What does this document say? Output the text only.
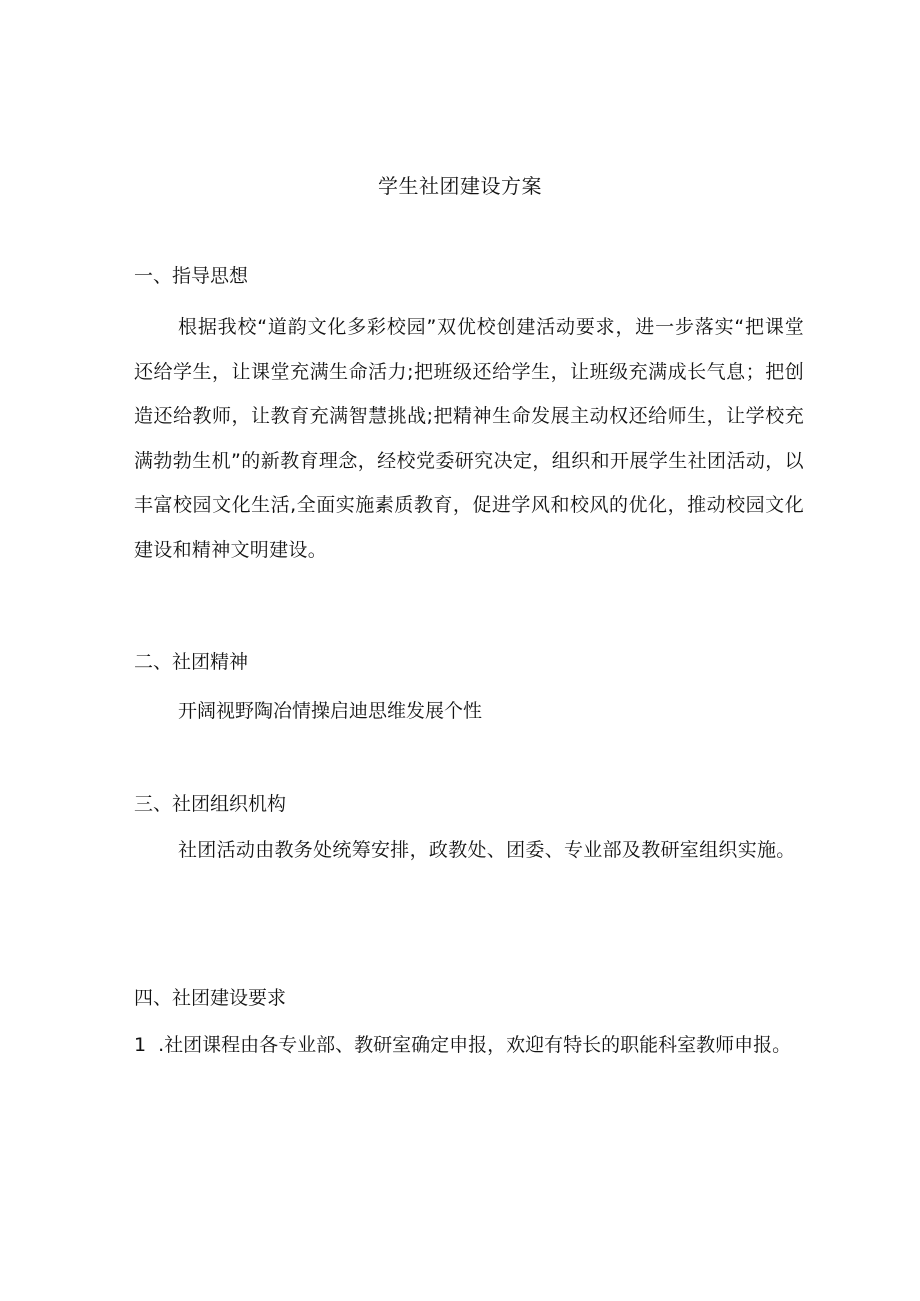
学生社团建设方案
一、指导思想
根据我校“道韵文化多彩校园”双优校创建活动要求，进一步落实“把课堂还给学生，让课堂充满生命活力;把班级还给学生，让班级充满成长气息；把创造还给教师，让教育充满智慧挑战;把精神生命发展主动权还给师生，让学校充满勃勃生机”的新教育理念，经校党委研究决定，组织和开展学生社团活动，以丰富校园文化生活,全面实施素质教育，促进学风和校风的优化，推动校园文化建设和精神文明建设。
二、社团精神
开阔视野陶冶情操启迪思维发展个性
三、社团组织机构
社团活动由教务处统筹安排，政教处、团委、专业部及教研室组织实施。
四、社团建设要求
1 .社团课程由各专业部、教研室确定申报，欢迎有特长的职能科室教师申报。
